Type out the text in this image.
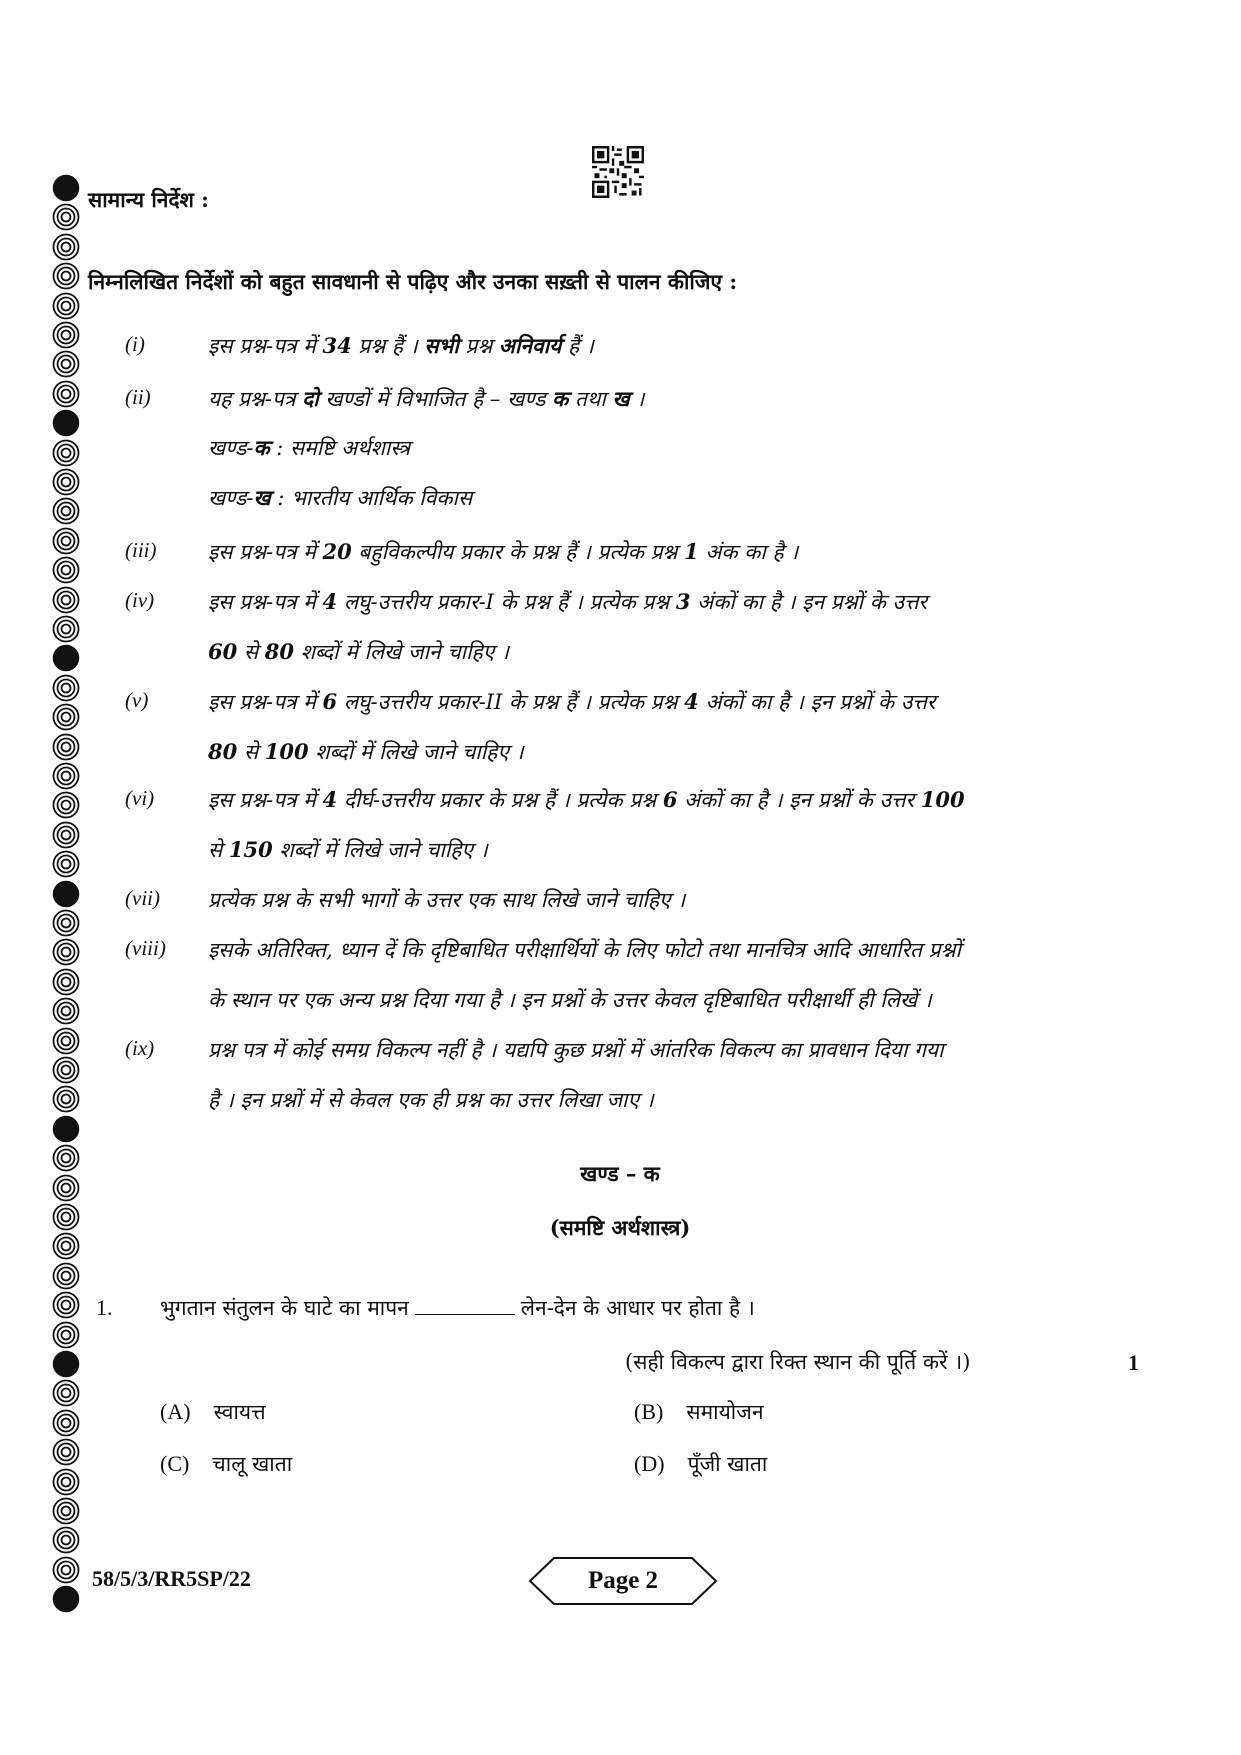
सामान्य निर्देश :
निम्नलिखित निर्देशों को बहुत सावधानी से पढ़िए और उनका सख़्ती से पालन कीजिए :
(i)	इस प्रश्न-पत्र में 34 प्रश्न हैं । सभी प्रश्न अनिवार्य हैं ।
(ii)	यह प्रश्न-पत्र दो खण्डों में विभाजित है – खण्ड क तथा ख ।
खण्ड-क : समष्टि अर्थशास्त्र
खण्ड-ख : भारतीय आर्थिक विकास
(iii) इस प्रश्न-पत्र में 20 बहुविकल्पीय प्रकार के प्रश्न हैं । प्रत्येक प्रश्न 1 अंक का है ।
(iv)	इस प्रश्न-पत्र में 4 लघु-उत्तरीय प्रकार-I के प्रश्न हैं । प्रत्येक प्रश्न 3 अंकों का है । इन प्रश्नों के उत्तर
60 से 80 शब्दों में लिखे जाने चाहिए ।
(v)	इस प्रश्न-पत्र में 6 लघु-उत्तरीय प्रकार-II के प्रश्न हैं । प्रत्येक प्रश्न 4 अंकों का है । इन प्रश्नों के उत्तर
80 से 100 शब्दों में लिखे जाने चाहिए ।
(vi)	इस प्रश्न-पत्र में 4 दीर्घ-उत्तरीय प्रकार के प्रश्न हैं । प्रत्येक प्रश्न 6 अंकों का है । इन प्रश्नों के उत्तर 100
से 150 शब्दों में लिखे जाने चाहिए ।
(vii) प्रत्येक प्रश्न के सभी भागों के उत्तर एक साथ लिखे जाने चाहिए ।
(viii) इसके अतिरिक्त, ध्यान दें कि दृष्टिबाधित परीक्षार्थियों के लिए फोटो तथा मानचित्र आदि आधारित प्रश्नों
के स्थान पर एक अन्य प्रश्न दिया गया है । इन प्रश्नों के उत्तर केवल दृष्टिबाधित परीक्षार्थी ही लिखें ।
(ix)	प्रश्न पत्र में कोई समग्र विकल्प नहीं है । यद्यपि कुछ प्रश्नों में आंतरिक विकल्प का प्रावधान दिया गया
है । इन प्रश्नों में से केवल एक ही प्रश्न का उत्तर लिखा जाए ।
खण्ड – क
(समष्टि अर्थशास्त्र)
1. भुगतान संतुलन के घाटे का मापन	लेन-देन के आधार पर होता है ।
(सही विकल्प द्वारा रिक्त स्थान की पूर्ति करें ।)	1
(A) स्वायत्त	(B) समायोजन
(C) चालू खाता	(D) पूँजी खाता
58/5/3/RR5SP/22	Page 2
